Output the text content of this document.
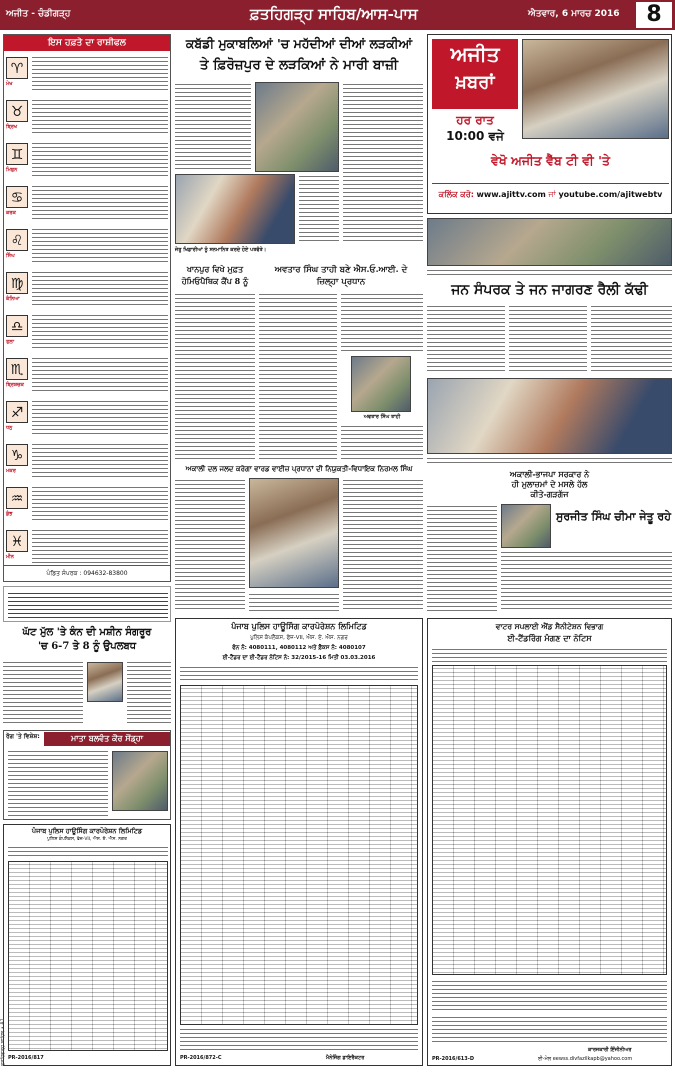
ਅਜੀਤ - ਚੰਡੀਗੜ੍ਹ	ਫ਼ਤਹਿਗੜ੍ਹ ਸਾਹਿਬ/ਆਸ-ਪਾਸ	ਐਤਵਾਰ, 6 ਮਾਰਚ 2016	8
ਇਸ ਹਫ਼ਤੇ ਦਾ ਰਾਸ਼ੀਫਲ
♈
ਮੇਖ
♉
ਬ੍ਰਿਖ
♊
ਮਿਥੁਨ
♋
ਕਰਕ
♌
ਸਿੰਘ
♍
ਕੰਨਿਆ
♎
ਤੁਲਾ
♏
ਬ੍ਰਿਸ਼ਚਕ
♐
ਧਨੁ
♑
ਮਕਰ
♒
ਕੁੰਭ
♓
ਮੀਨ
ਪੰਡਿਤ ਸੰਪਰਕ : 094632-83800
ਘੱਟ ਮੁੱਲ 'ਤੇ ਕੰਨ ਦੀ ਮਸ਼ੀਨ ਸੰਗਰੂਰ
'ਚ 6-7 ਤੇ 8 ਨੂੰ ਉਪਲਬਧ
ਰੋਗ 'ਤੇ ਵਿਸ਼ੇਸ਼:	ਮਾਤਾ ਬਲਵੰਤ ਕੌਰ ਸੋਂਡ੍ਹਾ
ਪੰਜਾਬ ਪੁਲਿਸ ਹਾਊਸਿੰਗ ਕਾਰਪੋਰੇਸ਼ਨ ਲਿਮਿਟਿਡ
ਪੁਲਿਸ ਕੰਪਲੈਕਸ, ਫੇਜ਼-VII, ਐਸ. ਏ. ਐਸ. ਨਗਰ
PR-2016/817
ਕਬੱਡੀ ਮੁਕਾਬਲਿਆਂ 'ਚ ਮਹੱਦੀਆਂ ਦੀਆਂ ਲੜਕੀਆਂ
ਤੇ ਫ਼ਿਰੋਜ਼ਪੁਰ ਦੇ ਲੜਕਿਆਂ ਨੇ ਮਾਰੀ ਬਾਜ਼ੀ
ਜੇਤੂ ਖਿਡਾਰੀਆਂ ਨੂੰ ਸਨਮਾਨਿਤ ਕਰਦੇ ਹੋਏ ਪਤਵੰਤੇ।
ਅਜੀਤ
ਖ਼ਬਰਾਂ
ਹਰ ਰਾਤ
10:00 ਵਜੇ
ਵੇਖੋ ਅਜੀਤ ਵੈੱਬ ਟੀ ਵੀ 'ਤੇ
ਕਲਿੱਕ ਕਰੋ: www.ajittv.com ਜਾਂ youtube.com/ajitwebtv
ਜਨ ਸੰਪਰਕ ਤੇ ਜਨ ਜਾਗਰਣ ਰੈਲੀ ਕੱਢੀ
ਖਾਨਪੁਰ ਵਿਖੇ ਮੁਫ਼ਤ
ਹੋਮਿਓਪੈਥਿਕ ਕੈਂਪ 8 ਨੂੰ
ਅਵਤਾਰ ਸਿੰਘ ਤਾਹੀ ਬਣੇ ਐਸ.ਓ.ਆਈ. ਦੇ
ਜ਼ਿਲ੍ਹਾ ਪ੍ਰਧਾਨ
ਅਵਤਾਰ ਸਿੰਘ ਤਾਹੀ
ਅਕਾਲੀ ਦਲ ਜਲਦ ਕਰੇਗਾ ਵਾਰਡ ਵਾਈਜ਼ ਪ੍ਰਧਾਨਾਂ ਦੀ ਨਿਯੁਕਤੀ-ਵਿਧਾਇਕ ਨਿਰਮਲ ਸਿੰਘ
ਅਕਾਲੀ-ਭਾਜਪਾ ਸਰਕਾਰ ਨੇ
ਹੀ ਮੁਲਾਜ਼ਮਾਂ ਦੇ ਮਸਲੇ ਹੱਲ
ਕੀਤੇ-ਗੜਗੱਜ
ਸੁਰਜੀਤ ਸਿੰਘ ਚੀਮਾ ਜੇਤੂ ਰਹੇ
ਪੰਜਾਬ ਪੁਲਿਸ ਹਾਊਸਿੰਗ ਕਾਰਪੋਰੇਸ਼ਨ ਲਿਮਿਟਿਡ
ਪੁਲਿਸ ਕੰਪਲੈਕਸ, ਫੇਜ਼-VII, ਐਸ. ਏ. ਐਸ. ਨਗਰ
ਫੋਨ ਨੰ: 4080111, 4080112 ਅਤੇ ਫ਼ੈਕਸ ਨੰ: 4080107
ਈ-ਟੈਂਡਰ ਦਾ ਈ-ਟੈਂਡਰ ਨੋਟਿਸ ਨੰ: 32/2015-16 ਮਿਤੀ 03.03.2016
PR-2016/872-C	ਮੈਨੇਜਿੰਗ ਡਾਇਰੈਕਟਰ
ਵਾਟਰ ਸਪਲਾਈ ਐਂਡ ਸੈਨੀਟੇਸ਼ਨ ਵਿਭਾਗ
ਈ-ਟੈਂਡਰਿੰਗ ਮੰਗਣ ਦਾ ਨੋਟਿਸ
ਕਾਰਜਕਾਰੀ ਇੰਜੀਨੀਅਰ
PR-2016/613-D	ਈ-ਮੇਲ eewss.divfazilkapb@yahoo.com
ਫ਼ਤਹਿਗੜ੍ਹ ਸਾਹਿਬ • A1
